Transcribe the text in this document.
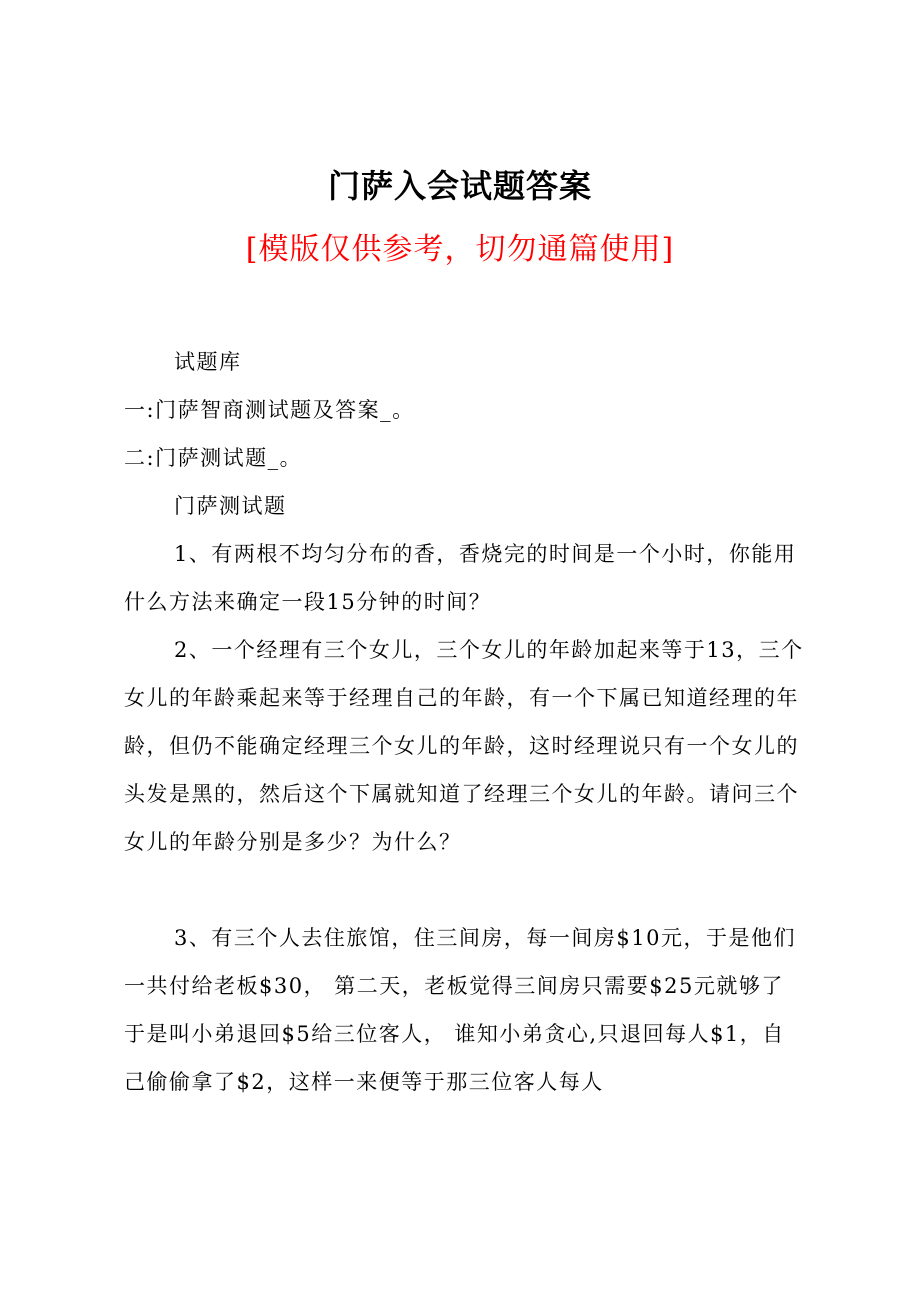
门萨入会试题答案
[模版仅供参考，切勿通篇使用]

试题库

一:门萨智商测试题及答案_。

二:门萨测试题_。

门萨测试题

1、有两根不均匀分布的香，香烧完的时间是一个小时，你能用什么方法来确定一段15分钟的时间？

2、一个经理有三个女儿，三个女儿的年龄加起来等于13，三个女儿的年龄乘起来等于经理自己的年龄，有一个下属已知道经理的年龄，但仍不能确定经理三个女儿的年龄，这时经理说只有一个女儿的头发是黑的，然后这个下属就知道了经理三个女儿的年龄。请问三个女儿的年龄分别是多少？为什么？

3、有三个人去住旅馆，住三间房，每一间房$10元，于是他们一共付给老板$30， 第二天，老板觉得三间房只需要$25元就够了于是叫小弟退回$5给三位客人， 谁知小弟贪心,只退回每人$1，自己偷偷拿了$2，这样一来便等于那三位客人每人
